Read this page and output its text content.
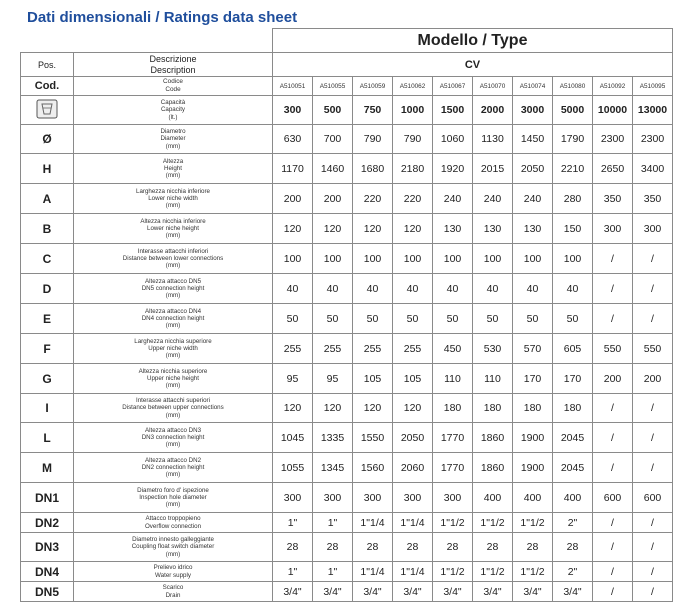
Dati dimensionali / Ratings data sheet
		Modello / Type									
Pos.	Descrizione
Description	CV									
Cod.	Codice
Code	A510051	A510055	A510059	A510062	A510067	A510070	A510074	A510080	A510092	A510095

Capacità
Capacity
(lt.)	300	500	750	1000	1500	2000	3000	5000	10000	13000
Ø	Diametro
Diameter
(mm)	630	700	790	790	1060	1130	1450	1790	2300	2300
H	Altezza
Height
(mm)	1170	1460	1680	2180	1920	2015	2050	2210	2650	3400
A	Larghezza nicchia inferiore
Lower niche width
(mm)	200	200	220	220	240	240	240	280	350	350
B	Altezza nicchia inferiore
Lower niche height
(mm)	120	120	120	120	130	130	130	150	300	300
C	Interasse attacchi inferiori
Distance between lower connections
(mm)	100	100	100	100	100	100	100	100	/	/
D	Altezza attacco DN5
DN5 connection height
(mm)	40	40	40	40	40	40	40	40	/	/
E	Altezza attacco DN4
DN4 connection height
(mm)	50	50	50	50	50	50	50	50	/	/
F	Larghezza nicchia superiore
Upper niche width
(mm)	255	255	255	255	450	530	570	605	550	550
G	Altezza nicchia superiore
Upper niche height
(mm)	95	95	105	105	110	110	170	170	200	200
I	Interasse attacchi superiori
Distance between upper connections
(mm)	120	120	120	120	180	180	180	180	/	/
L	Altezza attacco DN3
DN3 connection height
(mm)	1045	1335	1550	2050	1770	1860	1900	2045	/	/
M	Altezza attacco DN2
DN2 connection height
(mm)	1055	1345	1560	2060	1770	1860	1900	2045	/	/
DN1	Diametro foro d' ispezione
Inspection hole diameter
(mm)	300	300	300	300	300	400	400	400	600	600
DN2	Attacco troppopieno
Overflow connection	1"	1"	1"1/4	1"1/4	1"1/2	1"1/2	1"1/2	2"	/	/
DN3	Diametro innesto galleggiante
Coupling float switch diameter
(mm)	28	28	28	28	28	28	28	28	/	/
DN4	Prelievo idrico
Water supply	1"	1"	1"1/4	1"1/4	1"1/2	1"1/2	1"1/2	2"	/	/
DN5	Scarico
Drain	3/4"	3/4"	3/4"	3/4"	3/4"	3/4"	3/4"	3/4"	/	/
